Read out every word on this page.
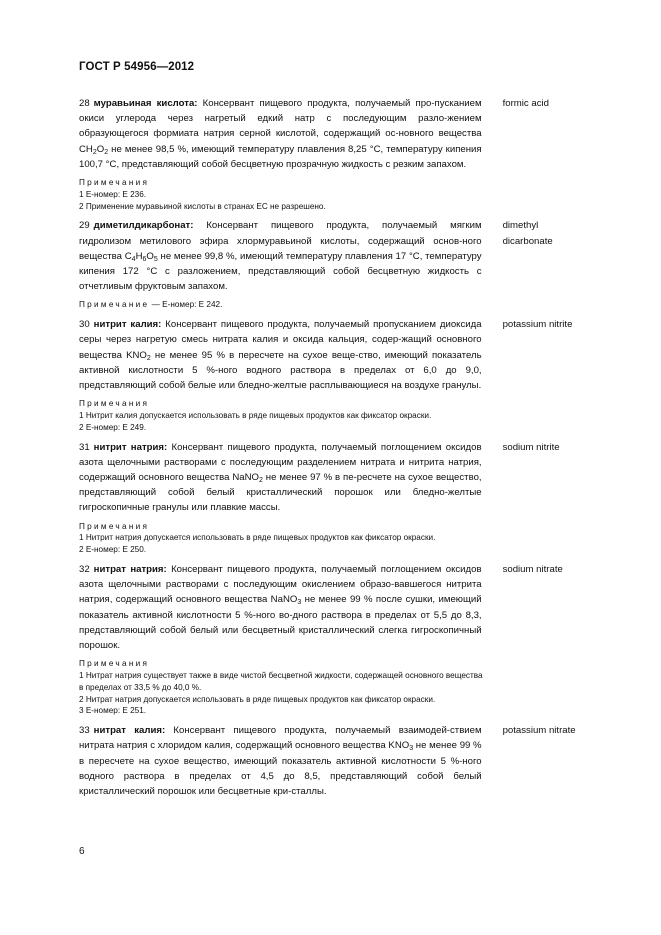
ГОСТ Р 54956—2012
28 муравьиная кислота: Консервант пищевого продукта, получаемый про-пусканием окиси углерода через нагретый едкий натр с последующим разло-жением образующегося формиата натрия серной кислотой, содержащий ос-новного вещества $CH_2O_2$ не менее 98,5 %, имеющий температуру плавления 8,25 °С, температуру кипения 100,7 °С, представляющий собой бесцветную прозрачную жидкость с резким запахом.
formic acid
Примечания
1 Е-номер: Е 236.
2 Применение муравьиной кислоты в странах ЕС не разрешено.
29 диметилдикарбонат: Консервант пищевого продукта, получаемый мягким гидролизом метилового эфира хлормуравьиной кислоты, содержащий основ-ного вещества $C_4H_6O_5$ не менее 99,8 %, имеющий температуру плавления 17 °С, температуру кипения 172 °С с разложением, представляющий собой бесцветную жидкость с отчетливым фруктовым запахом.
dimethyl
dicarbonate
Примечание — Е-номер: Е 242.
30 нитрит калия: Консервант пищевого продукта, получаемый пропусканием диоксида серы через нагретую смесь нитрата калия и оксида кальция, содер-жащий основного вещества $KNO_2$ не менее 95 % в пересчете на сухое веще-ство, имеющий показатель активной кислотности 5 %-ного водного раствора в пределах от 6,0 до 9,0, представляющий собой белые или бледно-желтые расплывающиеся на воздухе гранулы.
potassium nitrite
Примечания
1 Нитрит калия допускается использовать в ряде пищевых продуктов как фиксатор окраски.
2 Е-номер: Е 249.
31 нитрит натрия: Консервант пищевого продукта, получаемый поглощением оксидов азота щелочными растворами с последующим разделением нитрата и нитрита натрия, содержащий основного вещества NaNO$_2$ не менее 97 % в пе-ресчете на сухое вещество, представляющий собой белый кристаллический порошок или бледно-желтые гигроскопичные гранулы или плавкие массы.
sodium nitrite
Примечания
1 Нитрит натрия допускается использовать в ряде пищевых продуктов как фиксатор окраски.
2 Е-номер: Е 250.
32 нитрат натрия: Консервант пищевого продукта, получаемый поглощением оксидов азота щелочными растворами с последующим окислением образо-вавшегося нитрита натрия, содержащий основного вещества NaNO$_3$ не менее 99 % после сушки, имеющий показатель активной кислотности 5 %-ного во-дного раствора в пределах от 5,5 до 8,3, представляющий собой белый или бесцветный кристаллический слегка гигроскопичный порошок.
sodium nitrate
Примечания
1 Нитрат натрия существует также в виде чистой бесцветной жидкости, содержащей основного вещества в пределах от 33,5 % до 40,0 %.
2 Нитрат натрия допускается использовать в ряде пищевых продуктов как фиксатор окраски.
3 Е-номер: Е 251.
33 нитрат калия: Консервант пищевого продукта, получаемый взаимодей-ствием нитрата натрия с хлоридом калия, содержащий основного вещества $KNO_3$ не менее 99 % в пересчете на сухое вещество, имеющий показатель активной кислотности 5 %-ного водного раствора в пределах от 4,5 до 8,5, представляющий собой белый кристаллический порошок или бесцветные кри-сталлы.
potassium nitrate
6
